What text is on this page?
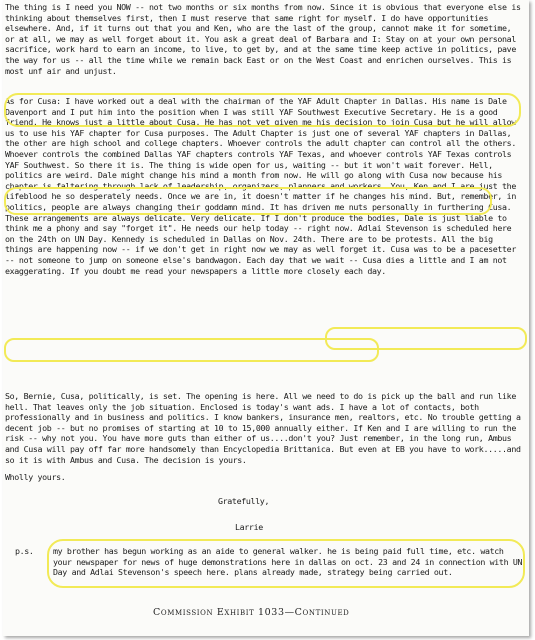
The thing is I need you NOW -- not two months or six months from now. Since it is obvious that everyone else is thinking about themselves first, then I must reserve that same right for myself. I do have opportunities elsewhere. And, if it turns out that you and Ken, who are the last of the group, cannot make it for sometime, or at all, we may as well forget about it. You ask a great deal of Barbara and I: Stay on at your own personal sacrifice, work hard to earn an income, to live, to get by, and at the same time keep active in politics, pave the way for us -- all the time while we remain back East or on the West Coast and enrichen ourselves. This is most unf air and unjust.

As for Cusa: I have worked out a deal with the chairman of the YAF Adult Chapter in Dallas. His name is Dale Davenport and I put him into the position when I was still YAF Southwest Executive Secretary. He is a good friend. He knows just a little about Cusa. He has not yet given me his decision to join Cusa but he will allow us to use his YAF chapter for Cusa purposes. The Adult Chapter is just one of several YAF chapters in Dallas, the other are high school and college chapters. Whoever controls the adult chapter can control all the others. Whoever controls the combined Dallas YAF chapters controls YAF Texas, and whoever controls YAF Texas controls YAF Southwest. So there it is. The thing is wide open for us, waiting -- but it won't wait forever. Hell, politics are weird. Dale might change his mind a month from now. He will go along with Cusa now because his chapter is faltering through lack of leadership, organizers, planners and workers. You, Ken and I are just the lifeblood he so desperately needs. Once we are in, it doesn't matter if he changes his mind. But, remember, in politics, people are always changing their goddamn mind. It has driven me nuts personally in furthering Cusa. These arrangements are always delicate. Very delicate. If I don't produce the bodies, Dale is just liable to think me a phony and say "forget it". He needs our help today -- right now. Adlai Stevenson is scheduled here on the 24th on UN Day. Kennedy is scheduled in Dallas on Nov. 24th. There are to be protests. All the big things are happening now -- if we don't get in right now we may as well forget it. Cusa was to be a pacesetter -- not someone to jump on someone else's bandwagon. Each day that we wait -- Cusa dies a little and I am not exaggerating. If you doubt me read your newspapers a little more closely each day.

So, Bernie, Cusa, politically, is set. The opening is here. All we need to do is pick up the ball and run like hell. That leaves only the job situation. Enclosed is today's want ads. I have a lot of contacts, both professionally and in business and politics. I know bankers, insurance men, realtors, etc. No trouble getting a decent job -- but no promises of starting at 10 to 15,000 annually either. If Ken and I are willing to run the risk -- why not you. You have more guts than either of us....don't you? Just remember, in the long run, Ambus and Cusa will pay off far more handsomely than Encyclopedia Brittanica. But even at EB you have to work.....and so it is with Ambus and Cusa. The decision is yours.

Wholly yours.

Gratefully,

Larrie

p.s.	my brother has begun working as an aide to general walker. he is being paid full time, etc. watch your newspaper for news of huge demonstrations here in dallas on oct. 23 and 24 in connection with UN Day and Adlai Stevenson's speech here. plans already made, strategy being carried out.

Commission Exhibit 1033—Continued
